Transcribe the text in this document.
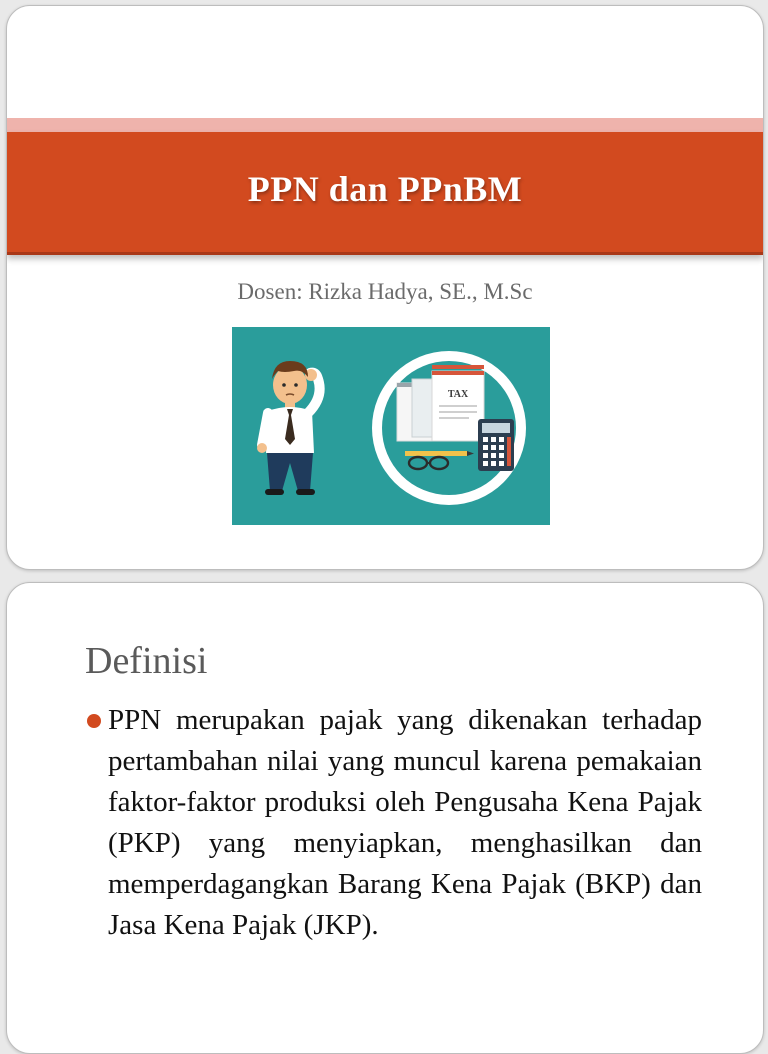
PPN dan PPnBM
Dosen: Rizka Hadya, SE., M.Sc
TAX
Definisi
PPN merupakan pajak yang dikenakan terhadap pertambahan nilai yang muncul karena pemakaian faktor-faktor produksi oleh Pengusaha Kena Pajak (PKP) yang menyiapkan, menghasilkan dan memperdagangkan Barang Kena Pajak (BKP) dan Jasa Kena Pajak (JKP).
